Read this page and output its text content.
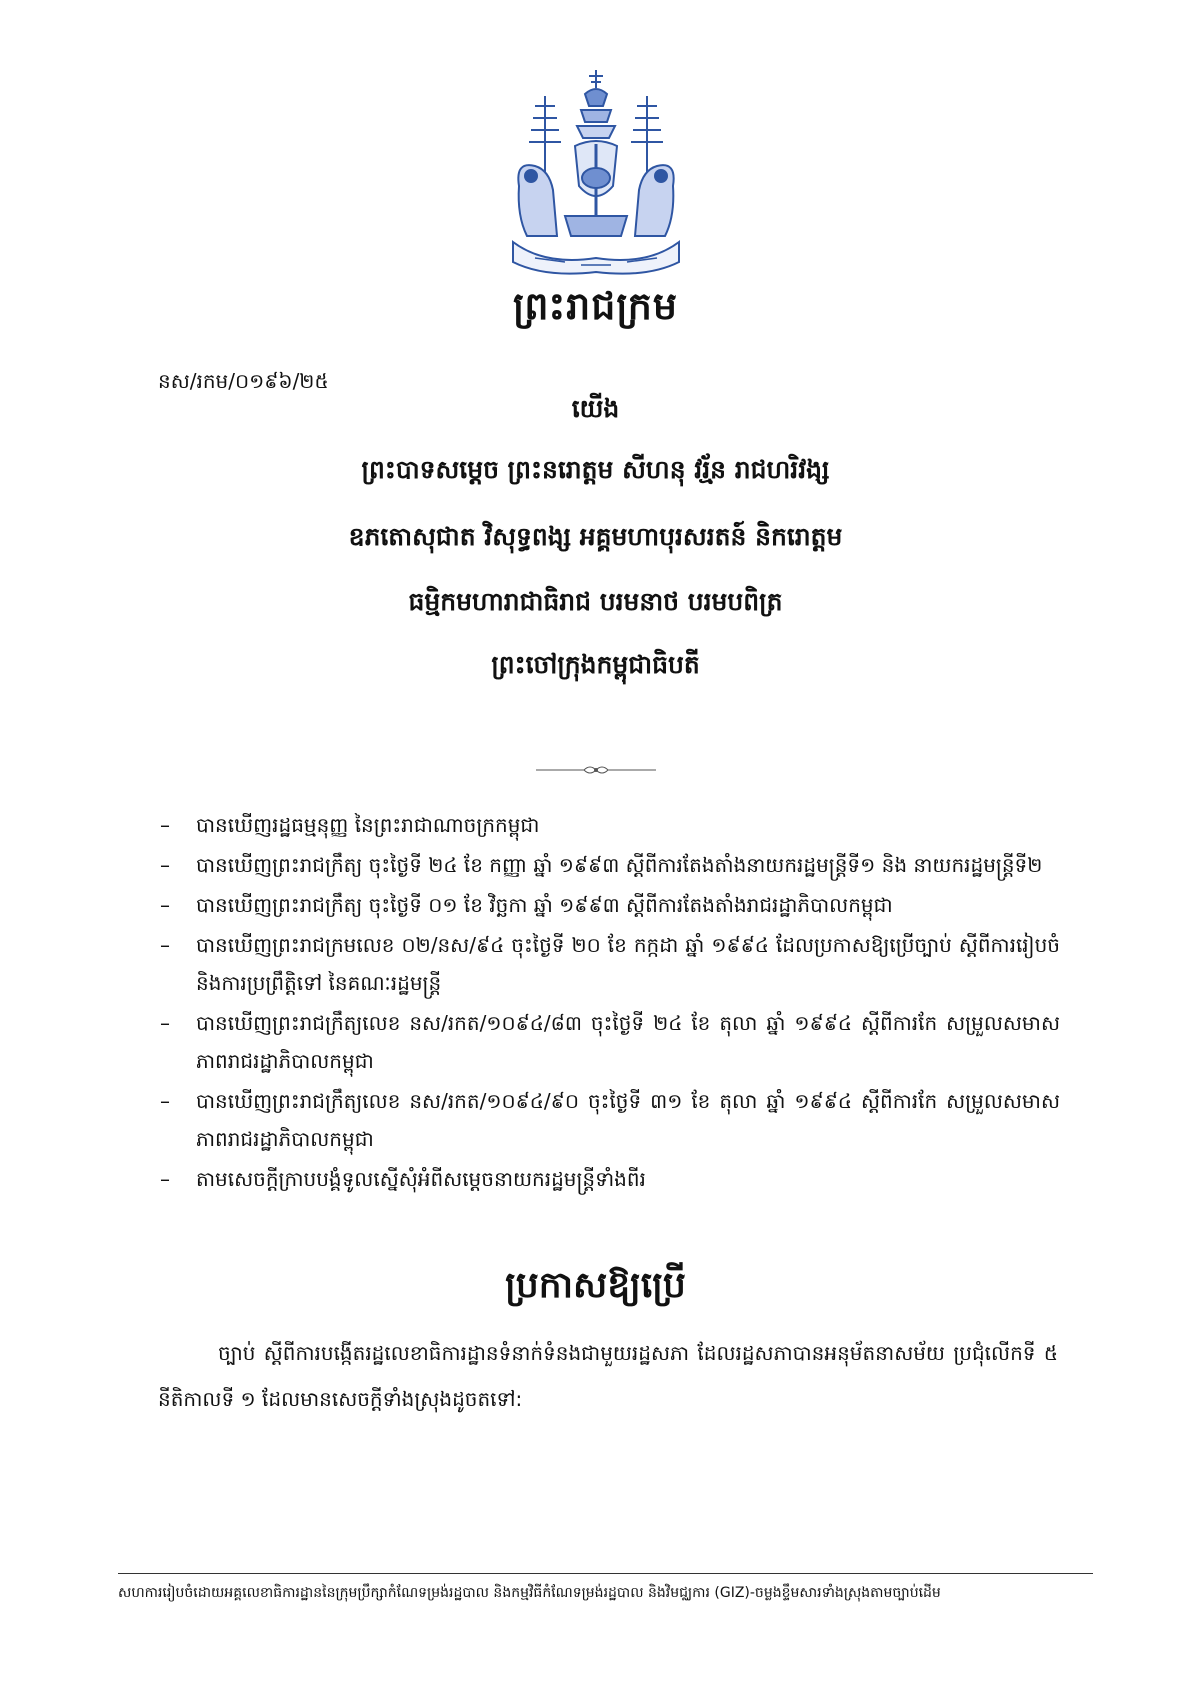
ព្រះរាជក្រម
នស/រកម/០១៩៦/២៥
យើង
ព្រះបាទសម្ដេច ព្រះនរោត្តម សីហនុ វរ្ម័ន រាជហរិវង្ស
ឧភតោសុជាត វិសុទ្ធពង្ស អគ្គមហាបុរសរតន៍ និករោត្តម
ធម្មិកមហារាជាធិរាជ បរមនាថ បរមបពិត្រ
ព្រះចៅក្រុងកម្ពុជាធិបតី
– បានឃើញរដ្ឋធម្មនុញ្ញ នៃព្រះរាជាណាចក្រកម្ពុជា
– បានឃើញព្រះរាជក្រឹត្យ ចុះថ្ងៃទី ២៤ ខែ កញ្ញា ឆ្នាំ ១៩៩៣ ស្ដីពីការតែងតាំងនាយករដ្ឋមន្ត្រីទី១ និង នាយករដ្ឋមន្ត្រីទី២
– បានឃើញព្រះរាជក្រឹត្យ ចុះថ្ងៃទី ០១ ខែ វិច្ឆកា ឆ្នាំ ១៩៩៣ ស្ដីពីការតែងតាំងរាជរដ្ឋាភិបាលកម្ពុជា
– បានឃើញព្រះរាជក្រមលេខ ០២/នស/៩៤ ចុះថ្ងៃទី ២០ ខែ កក្កដា ឆ្នាំ ១៩៩៤ ដែលប្រកាសឱ្យប្រើច្បាប់ ស្ដីពីការរៀបចំ និងការប្រព្រឹត្តិទៅ នៃគណៈរដ្ឋមន្ត្រី
– បានឃើញព្រះរាជក្រឹត្យលេខ នស/រកត/១០៩៤/៨៣ ចុះថ្ងៃទី ២៤ ខែ តុលា ឆ្នាំ ១៩៩៤ ស្ដីពីការកែ សម្រួលសមាសភាពរាជរដ្ឋាភិបាលកម្ពុជា
– បានឃើញព្រះរាជក្រឹត្យលេខ នស/រកត/១០៩៤/៩០ ចុះថ្ងៃទី ៣១ ខែ តុលា ឆ្នាំ ១៩៩៤ ស្ដីពីការកែ សម្រួលសមាសភាពរាជរដ្ឋាភិបាលកម្ពុជា
– តាមសេចក្ដីក្រាបបង្គំទូលស្នើសុំអំពីសម្ដេចនាយករដ្ឋមន្ត្រីទាំងពីរ
ប្រកាសឱ្យប្រើ
ច្បាប់ ស្ដីពីការបង្កើតរដ្ឋលេខាធិការដ្ឋានទំនាក់ទំនងជាមួយរដ្ឋសភា ដែលរដ្ឋសភាបានអនុម័តនាសម័យ ប្រជុំលើកទី ៥ នីតិកាលទី ១ ដែលមានសេចក្ដីទាំងស្រុងដូចតទៅ:
សហការរៀបចំដោយអគ្គលេខាធិការដ្ឋាននៃក្រុមប្រឹក្សាកំណែទម្រង់រដ្ឋបាល និងកម្មវិធីកំណែទម្រង់រដ្ឋបាល និងវិមជ្ឈការ (GIZ)-ចម្លងខ្ទឹមសារទាំងស្រុងតាមច្បាប់ដើម
